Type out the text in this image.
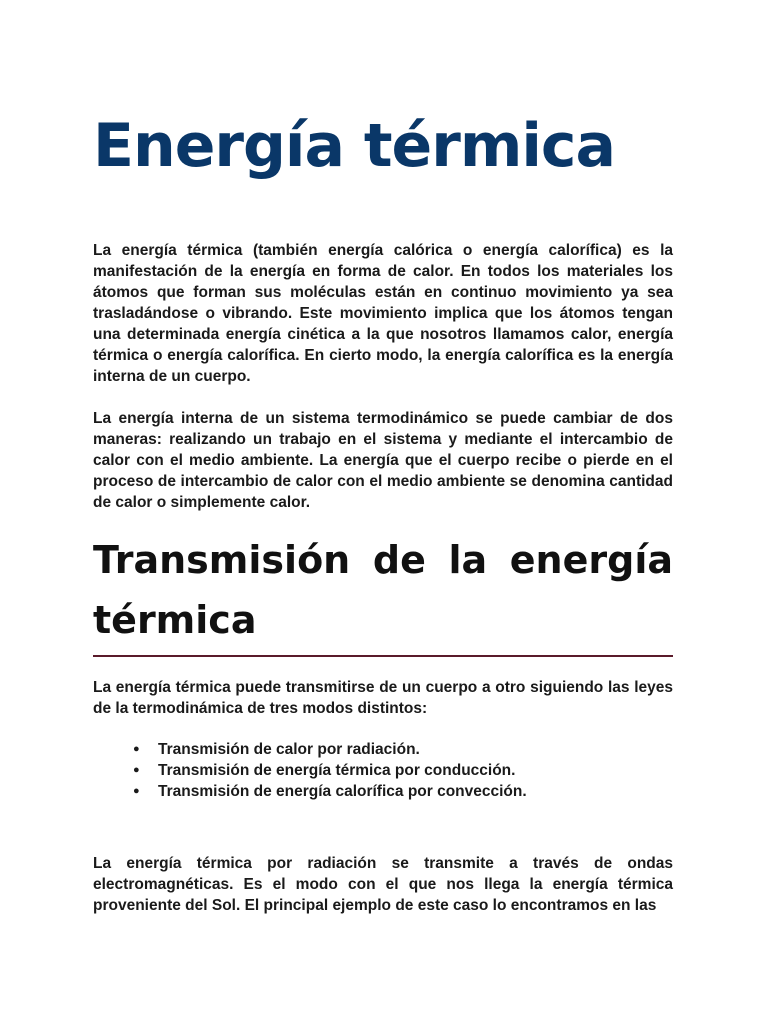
Energía térmica

La energía térmica (también energía calórica o energía calorífica) es la manifestación de la energía en forma de calor. En todos los materiales los átomos que forman sus moléculas están en continuo movimiento ya sea trasladándose o vibrando. Este movimiento implica que los átomos tengan una determinada energía cinética a la que nosotros llamamos calor, energía térmica o energía calorífica. En cierto modo, la energía calorífica es la energía interna de un cuerpo.

La energía interna de un sistema termodinámico se puede cambiar de dos maneras: realizando un trabajo en el sistema y mediante el intercambio de calor con el medio ambiente. La energía que el cuerpo recibe o pierde en el proceso de intercambio de calor con el medio ambiente se denomina cantidad de calor o simplemente calor.

Transmisión de la energía térmica

La energía térmica puede transmitirse de un cuerpo a otro siguiendo las leyes de la termodinámica de tres modos distintos:

● Transmisión de calor por radiación.
● Transmisión de energía térmica por conducción.
● Transmisión de energía calorífica por convección.

La energía térmica por radiación se transmite a través de ondas electromagnéticas. Es el modo con el que nos llega la energía térmica proveniente del Sol. El principal ejemplo de este caso lo encontramos en las
